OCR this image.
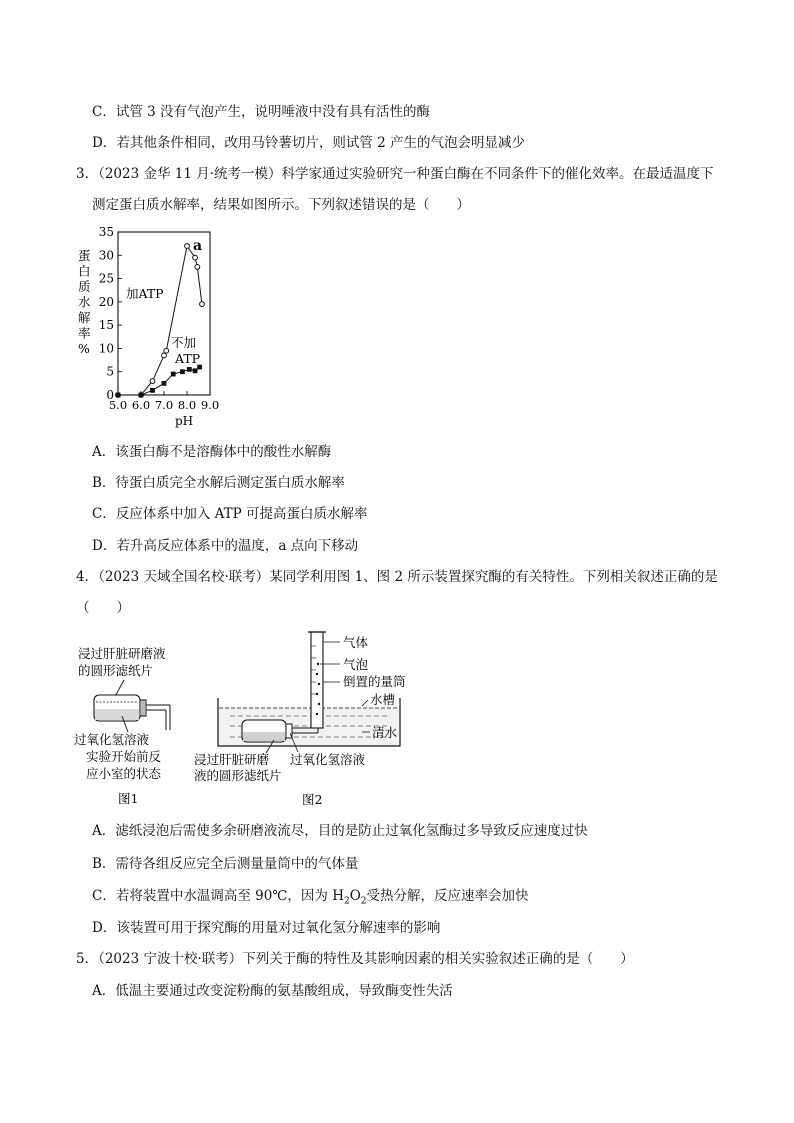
C．试管 3 没有气泡产生，说明唾液中没有具有活性的酶
D．若其他条件相同，改用马铃薯切片，则试管 2 产生的气泡会明显减少
3．（2023 金华 11 月·统考一模）科学家通过实验研究一种蛋白酶在不同条件下的催化效率。在最适温度下
测定蛋白质水解率，结果如图所示。下列叙述错误的是（　　）
0
5
10
15
20
25
30
35
5.0 6.0 7.0 8.0 9.0
加ATP
不加
ATP
a
pH
蛋
白
质
水
解
率
%
A．该蛋白酶不是溶酶体中的酸性水解酶
B．待蛋白质完全水解后测定蛋白质水解率
C．反应体系中加入 ATP 可提高蛋白质水解率
D．若升高反应体系中的温度，a 点向下移动
4．（2023 天域全国名校·联考）某同学利用图 1、图 2 所示装置探究酶的有关特性。下列相关叙述正确的是
（　　）
浸过肝脏研磨液
的圆形滤纸片
过氧化氢溶液
实验开始前反
应小室的状态
图1
气体
气泡
倒置的量筒
水槽
清水
浸过肝脏研磨
液的圆形滤纸片
过氧化氢溶液
图2
A．滤纸浸泡后需使多余研磨液流尽，目的是防止过氧化氢酶过多导致反应速度过快
B．需待各组反应完全后测量量筒中的气体量
C．若将装置中水温调高至 90℃，因为 $H_2O_2$受热分解，反应速率会加快
D．该装置可用于探究酶的用量对过氧化氢分解速率的影响
5．（2023 宁波十校·联考）下列关于酶的特性及其影响因素的相关实验叙述正确的是（　　）
A．低温主要通过改变淀粉酶的氨基酸组成，导致酶变性失活
